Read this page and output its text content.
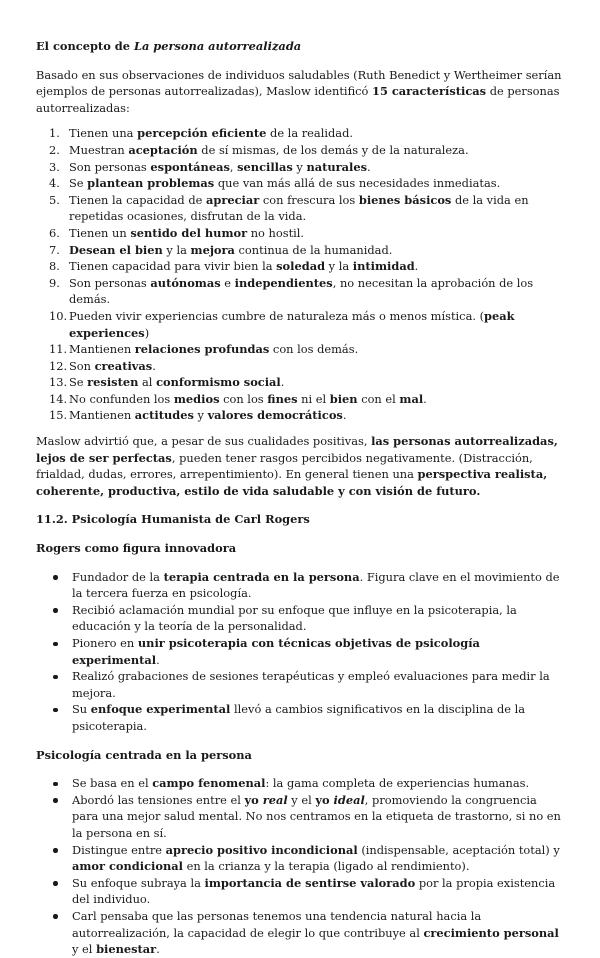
El concepto de La persona autorrealizada

Basado en sus observaciones de individuos saludables (Ruth Benedict y Wertheimer serían ejemplos de personas autorrealizadas), Maslow identificó 15 características de personas autorrealizadas:

1. Tienen una percepción eficiente de la realidad.
2. Muestran aceptación de sí mismas, de los demás y de la naturaleza.
3. Son personas espontáneas, sencillas y naturales.
4. Se plantean problemas que van más allá de sus necesidades inmediatas.
5. Tienen la capacidad de apreciar con frescura los bienes básicos de la vida en repetidas ocasiones, disfrutan de la vida.
6. Tienen un sentido del humor no hostil.
7. Desean el bien y la mejora continua de la humanidad.
8. Tienen capacidad para vivir bien la soledad y la intimidad.
9. Son personas autónomas e independientes, no necesitan la aprobación de los demás.
10. Pueden vivir experiencias cumbre de naturaleza más o menos mística. (peak experiences)
11. Mantienen relaciones profundas con los demás.
12. Son creativas.
13. Se resisten al conformismo social.
14. No confunden los medios con los fines ni el bien con el mal.
15. Mantienen actitudes y valores democráticos.

Maslow advirtió que, a pesar de sus cualidades positivas, las personas autorrealizadas, lejos de ser perfectas, pueden tener rasgos percibidos negativamente. (Distracción, frialdad, dudas, errores, arrepentimiento). En general tienen una perspectiva realista, coherente, productiva, estilo de vida saludable y con visión de futuro.

11.2. Psicología Humanista de Carl Rogers

Rogers como figura innovadora

Fundador de la terapia centrada en la persona. Figura clave en el movimiento de la tercera fuerza en psicología.
Recibió aclamación mundial por su enfoque que influye en la psicoterapia, la educación y la teoría de la personalidad.
Pionero en unir psicoterapia con técnicas objetivas de psicología experimental.
Realizó grabaciones de sesiones terapéuticas y empleó evaluaciones para medir la mejora.
Su enfoque experimental llevó a cambios significativos en la disciplina de la psicoterapia.

Psicología centrada en la persona

Se basa en el campo fenomenal: la gama completa de experiencias humanas.
Abordó las tensiones entre el yo real y el yo ideal, promoviendo la congruencia para una mejor salud mental. No nos centramos en la etiqueta de trastorno, si no en la persona en sí.
Distingue entre aprecio positivo incondicional (indispensable, aceptación total) y amor condicional en la crianza y la terapia (ligado al rendimiento).
Su enfoque subraya la importancia de sentirse valorado por la propia existencia del individuo.
Carl pensaba que las personas tenemos una tendencia natural hacia la autorrealización, la capacidad de elegir lo que contribuye al crecimiento personal y el bienestar.
